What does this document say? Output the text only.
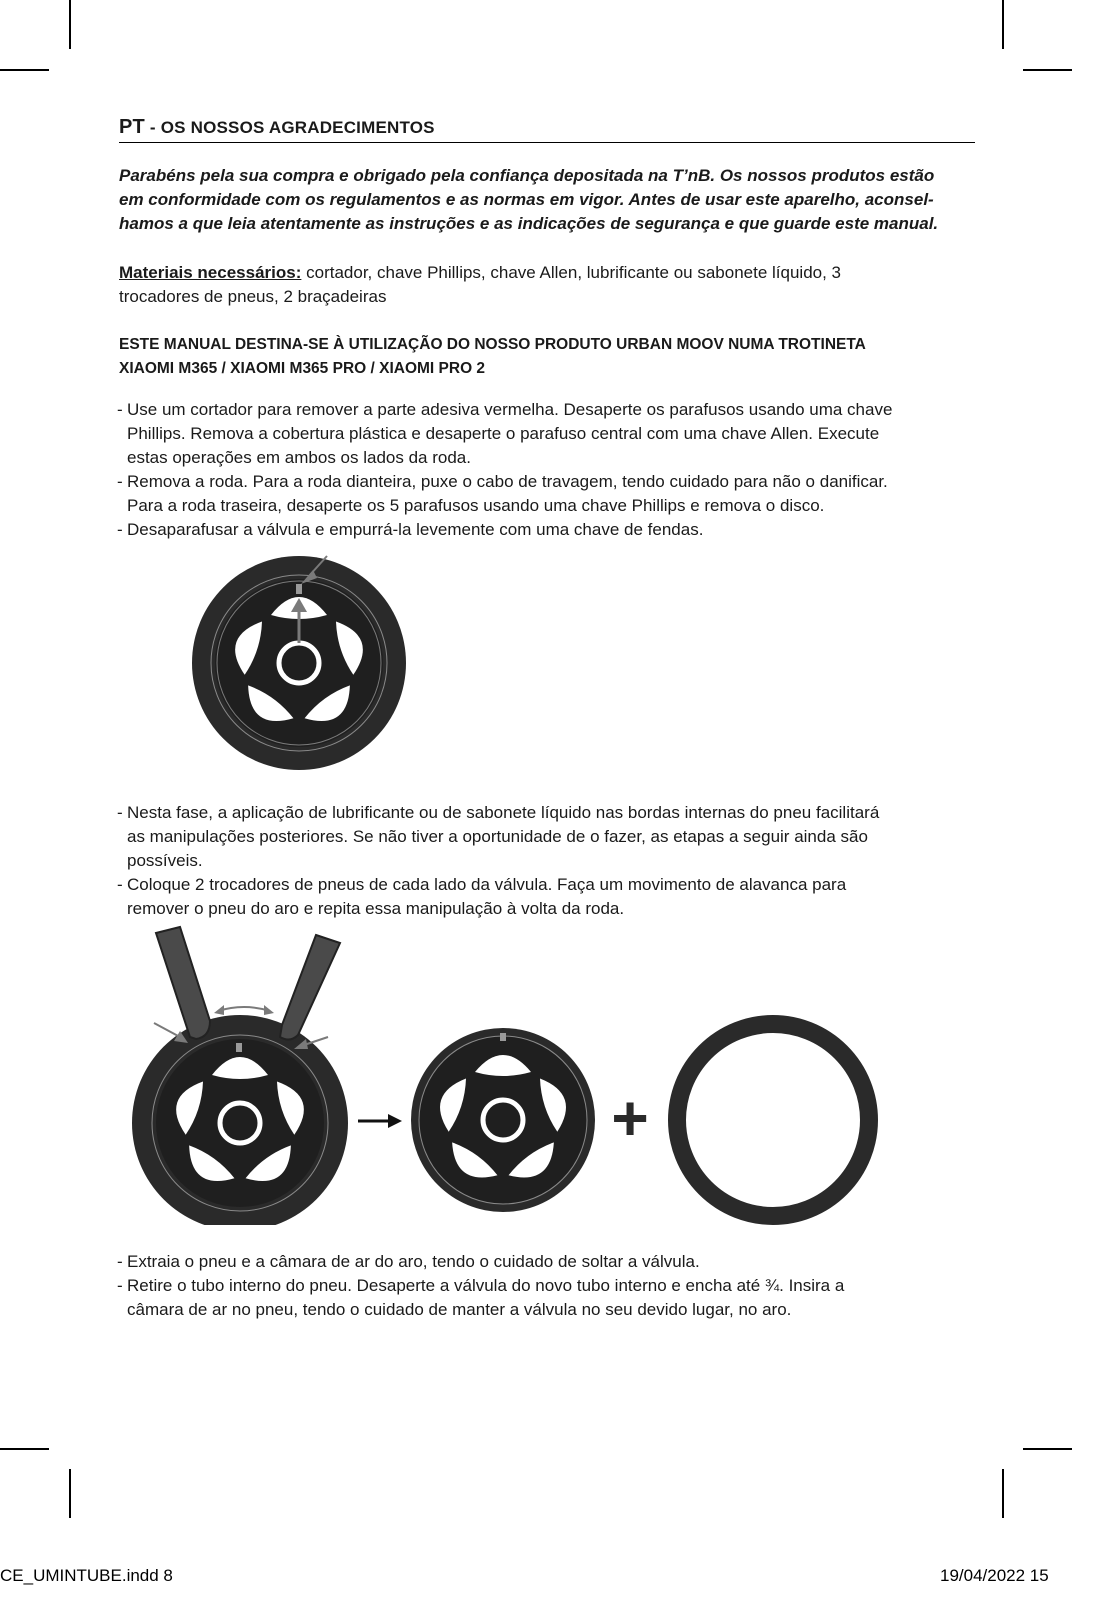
PT - OS NOSSOS AGRADECIMENTOS

Parabéns pela sua compra e obrigado pela confiança depositada na T’nB. Os nossos produtos estão

em conformidade com os regulamentos e as normas em vigor. Antes de usar este aparelho, aconsel-

hamos a que leia atentamente as instruções e as indicações de segurança e que guarde este manual.

Materiais necessários: cortador, chave Phillips, chave Allen, lubrificante ou sabonete líquido, 3
trocadores de pneus, 2 braçadeiras

ESTE MANUAL DESTINA-SE À UTILIZAÇÃO DO NOSSO PRODUTO URBAN MOOV NUMA TROTINETA

XIAOMI M365 / XIAOMI M365 PRO / XIAOMI PRO 2

- Use um cortador para remover a parte adesiva vermelha. Desaperte os parafusos usando uma chave
Phillips. Remova a cobertura plástica e desaperte o parafuso central com uma chave Allen. Execute
estas operações em ambos os lados da roda.
- Remova a roda. Para a roda dianteira, puxe o cabo de travagem, tendo cuidado para não o danificar.
Para a roda traseira, desaperte os 5 parafusos usando uma chave Phillips e remova o disco.
- Desaparafusar a válvula e empurrá-la levemente com uma chave de fendas.
- Nesta fase, a aplicação de lubrificante ou de sabonete líquido nas bordas internas do pneu facilitará
as manipulações posteriores. Se não tiver a oportunidade de o fazer, as etapas a seguir ainda são
possíveis.
- Coloque 2 trocadores de pneus de cada lado da válvula. Faça um movimento de alavanca para
remover o pneu do aro e repita essa manipulação à volta da roda.
+
- Extraia o pneu e a câmara de ar do aro, tendo o cuidado de soltar a válvula.
- Retire o tubo interno do pneu. Desaperte a válvula do novo tubo interno e encha até ¾. Insira a
câmara de ar no pneu, tendo o cuidado de manter a válvula no seu devido lugar, no aro.
CE_UMINTUBE.indd 8	19/04/2022 15
